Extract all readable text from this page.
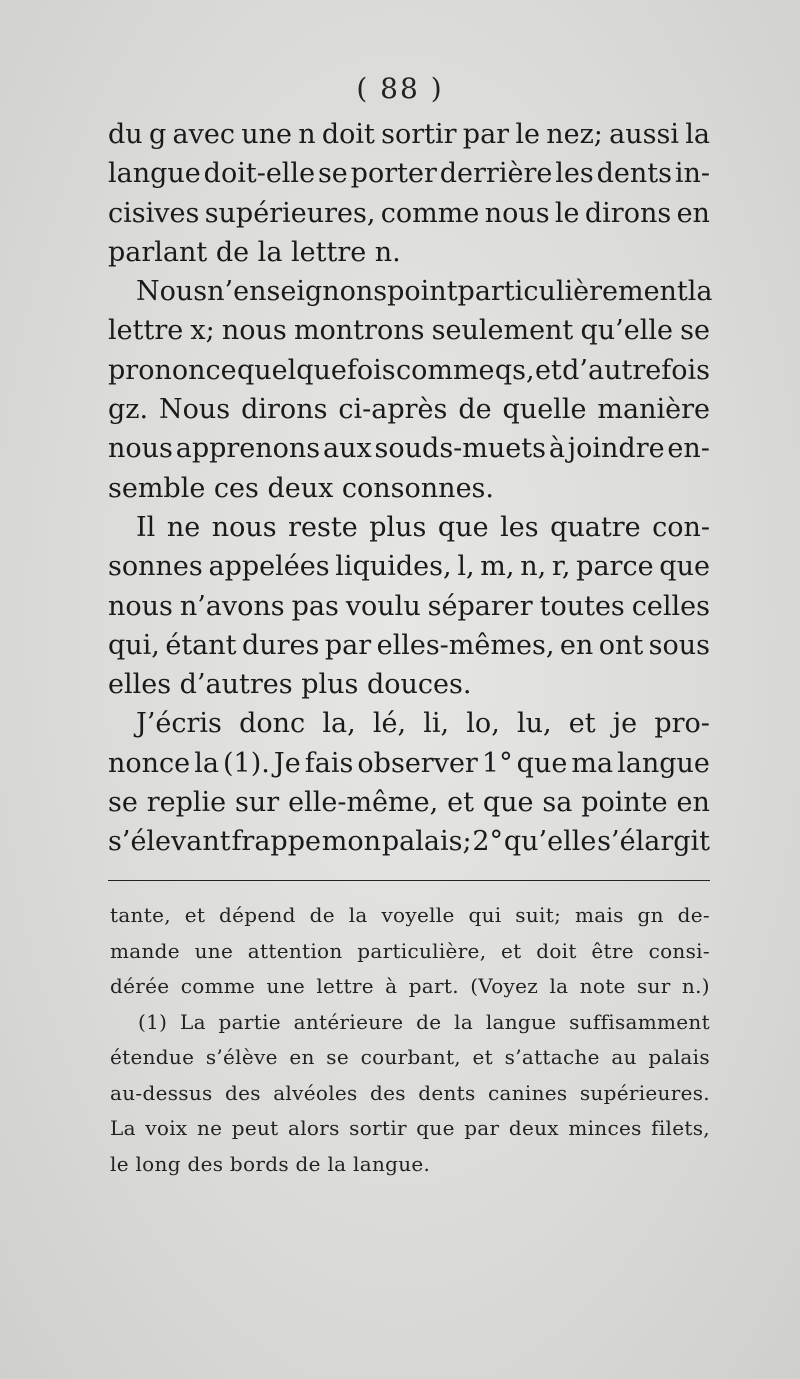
( 88 )
du g avec une n doit sortir par le nez; aussi la
langue doit-elle se porter derrière les dents in-
cisives supérieures, comme nous le dirons en
parlant de la lettre n.
Nous n’enseignons point particulièrement la
lettre x; nous montrons seulement qu’elle se
prononce quelquefois comme qs, et d’autrefois
gz. Nous dirons ci-après de quelle manière
nous apprenons aux souds-muets à joindre en-
semble ces deux consonnes.
Il ne nous reste plus que les quatre con-
sonnes appelées liquides, l, m, n, r, parce que
nous n’avons pas voulu séparer toutes celles
qui, étant dures par elles-mêmes, en ont sous
elles d’autres plus douces.
J’écris donc la, lé, li, lo, lu, et je pro-
nonce la (1). Je fais observer 1° que ma langue
se replie sur elle-même, et que sa pointe en
s’élevant frappe mon palais; 2° qu’elle s’élargit
tante, et dépend de la voyelle qui suit; mais gn de-
mande une attention particulière, et doit être consi-
dérée comme une lettre à part. (Voyez la note sur n.)
(1) La partie antérieure de la langue suffisamment
étendue s’élève en se courbant, et s’attache au palais
au-dessus des alvéoles des dents canines supérieures.
La voix ne peut alors sortir que par deux minces filets,
le long des bords de la langue.
